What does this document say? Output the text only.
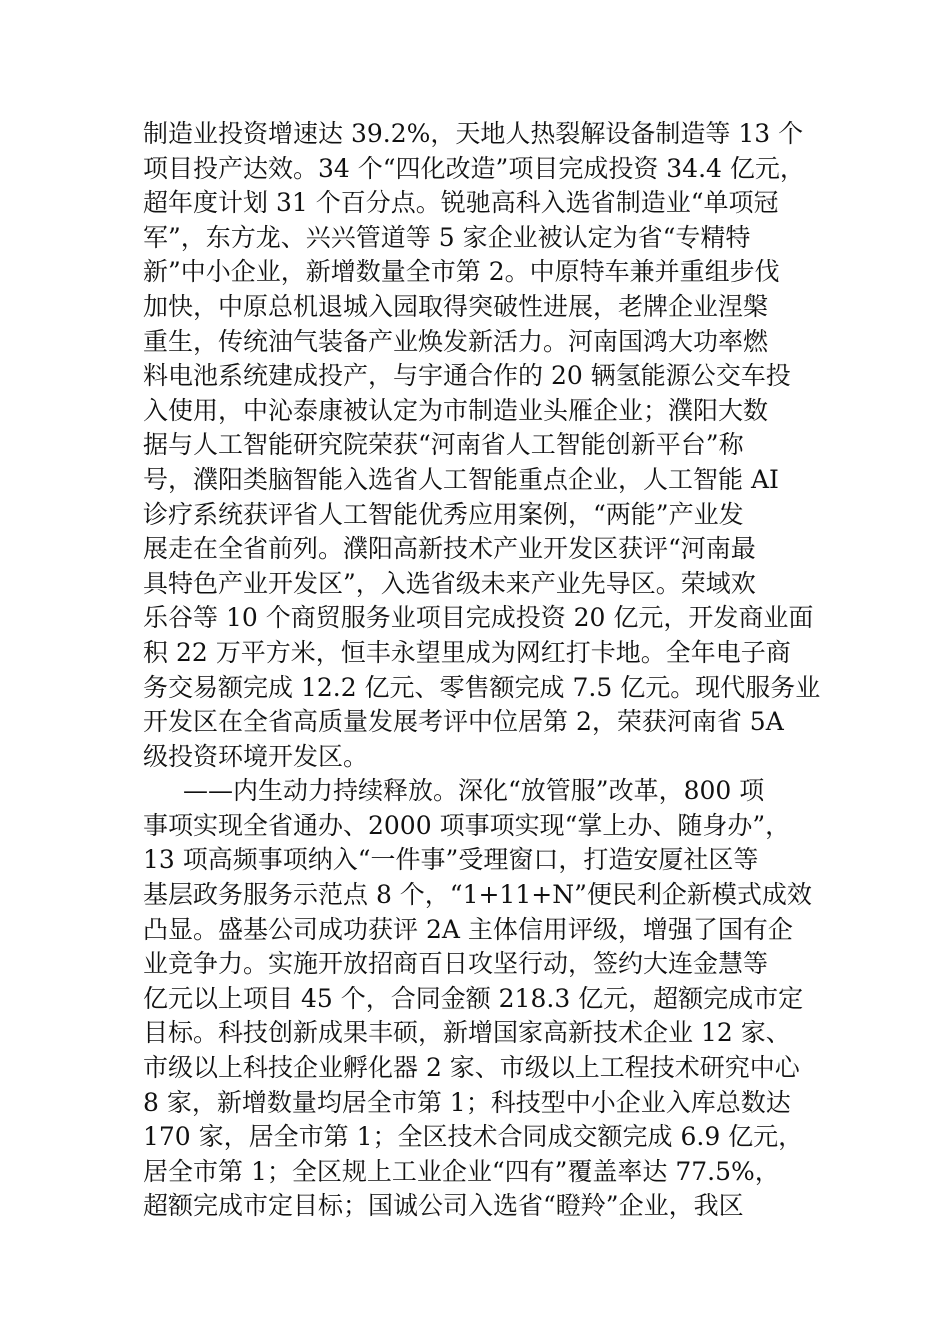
制造业投资增速达 39.2%，天地人热裂解设备制造等 13 个
项目投产达效。34 个“四化改造”项目完成投资 34.4 亿元，
超年度计划 31 个百分点。锐驰高科入选省制造业“单项冠
军”，东方龙、兴兴管道等 5 家企业被认定为省“专精特
新”中小企业，新增数量全市第 2。中原特车兼并重组步伐
加快，中原总机退城入园取得突破性进展，老牌企业涅槃
重生，传统油气装备产业焕发新活力。河南国鸿大功率燃
料电池系统建成投产，与宇通合作的 20 辆氢能源公交车投
入使用，中沁泰康被认定为市制造业头雁企业；濮阳大数
据与人工智能研究院荣获“河南省人工智能创新平台”称
号，濮阳类脑智能入选省人工智能重点企业，人工智能 AI
诊疗系统获评省人工智能优秀应用案例，“两能”产业发
展走在全省前列。濮阳高新技术产业开发区获评“河南最
具特色产业开发区”，入选省级未来产业先导区。荣域欢
乐谷等 10 个商贸服务业项目完成投资 20 亿元，开发商业面
积 22 万平方米，恒丰永望里成为网红打卡地。全年电子商
务交易额完成 12.2 亿元、零售额完成 7.5 亿元。现代服务业
开发区在全省高质量发展考评中位居第 2，荣获河南省 5A
级投资环境开发区。
——内生动力持续释放。深化“放管服”改革，800 项
事项实现全省通办、2000 项事项实现“掌上办、随身办”，
13 项高频事项纳入“一件事”受理窗口，打造安厦社区等
基层政务服务示范点 8 个，“1+11+N”便民利企新模式成效
凸显。盛基公司成功获评 2A 主体信用评级，增强了国有企
业竞争力。实施开放招商百日攻坚行动，签约大连金慧等
亿元以上项目 45 个，合同金额 218.3 亿元，超额完成市定
目标。科技创新成果丰硕，新增国家高新技术企业 12 家、
市级以上科技企业孵化器 2 家、市级以上工程技术研究中心
8 家，新增数量均居全市第 1；科技型中小企业入库总数达
170 家，居全市第 1；全区技术合同成交额完成 6.9 亿元，
居全市第 1；全区规上工业企业“四有”覆盖率达 77.5%，
超额完成市定目标；国诚公司入选省“瞪羚”企业，我区
